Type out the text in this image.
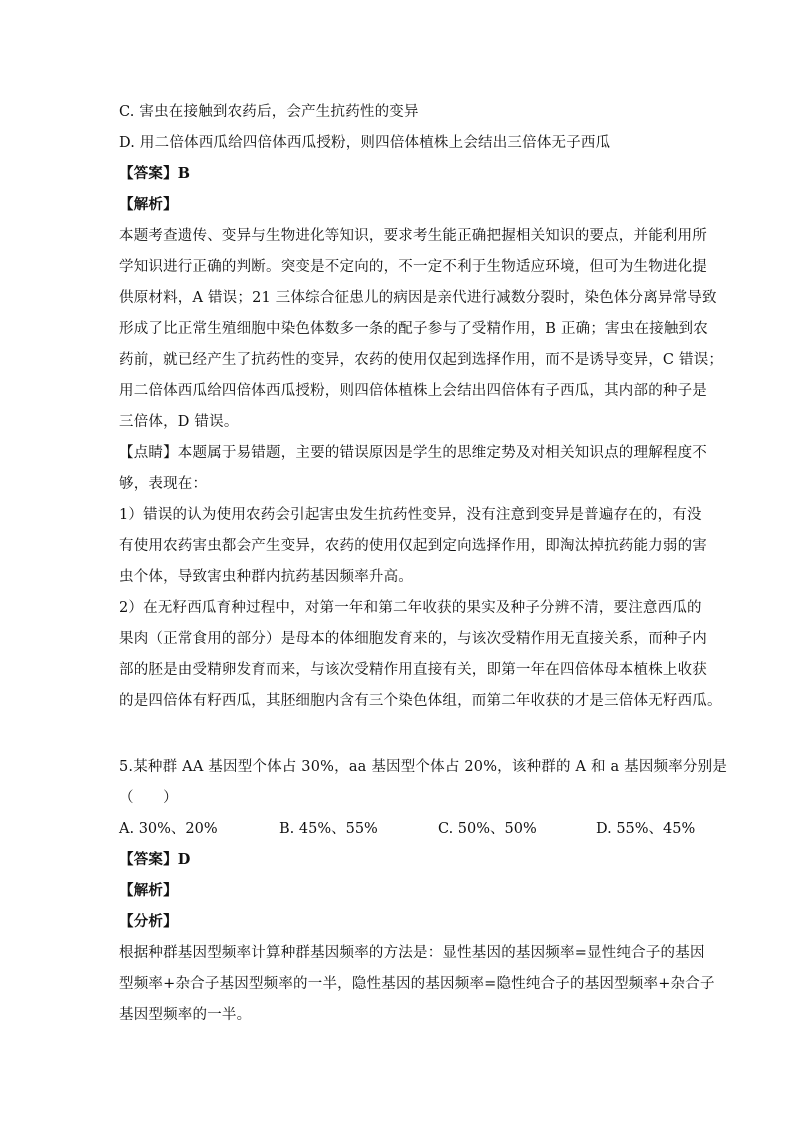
C. 害虫在接触到农药后，会产生抗药性的变异
D. 用二倍体西瓜给四倍体西瓜授粉，则四倍体植株上会结出三倍体无子西瓜
【答案】B
【解析】
本题考查遗传、变异与生物进化等知识，要求考生能正确把握相关知识的要点，并能利用所
学知识进行正确的判断。突变是不定向的，不一定不利于生物适应环境，但可为生物进化提
供原材料，A 错误；21 三体综合征患儿的病因是亲代进行减数分裂时，染色体分离异常导致
形成了比正常生殖细胞中染色体数多一条的配子参与了受精作用，B 正确；害虫在接触到农
药前，就已经产生了抗药性的变异，农药的使用仅起到选择作用，而不是诱导变异，C 错误；
用二倍体西瓜给四倍体西瓜授粉，则四倍体植株上会结出四倍体有子西瓜，其内部的种子是
三倍体，D 错误。
【点睛】本题属于易错题，主要的错误原因是学生的思维定势及对相关知识点的理解程度不
够，表现在：
1）错误的认为使用农药会引起害虫发生抗药性变异，没有注意到变异是普遍存在的，有没
有使用农药害虫都会产生变异，农药的使用仅起到定向选择作用，即淘汰掉抗药能力弱的害
虫个体，导致害虫种群内抗药基因频率升高。
2）在无籽西瓜育种过程中，对第一年和第二年收获的果实及种子分辨不清，要注意西瓜的
果肉（正常食用的部分）是母本的体细胞发育来的，与该次受精作用无直接关系，而种子内
部的胚是由受精卵发育而来，与该次受精作用直接有关，即第一年在四倍体母本植株上收获
的是四倍体有籽西瓜，其胚细胞内含有三个染色体组，而第二年收获的才是三倍体无籽西瓜。
5.某种群 AA 基因型个体占 30%，aa 基因型个体占 20%，该种群的 A 和 a 基因频率分别是
（　　）
A. 30%、20%	B. 45%、55%	C. 50%、50%	D. 55%、45%
【答案】D
【解析】
【分析】
根据种群基因型频率计算种群基因频率的方法是：显性基因的基因频率=显性纯合子的基因
型频率+杂合子基因型频率的一半，隐性基因的基因频率=隐性纯合子的基因型频率+杂合子
基因型频率的一半。
